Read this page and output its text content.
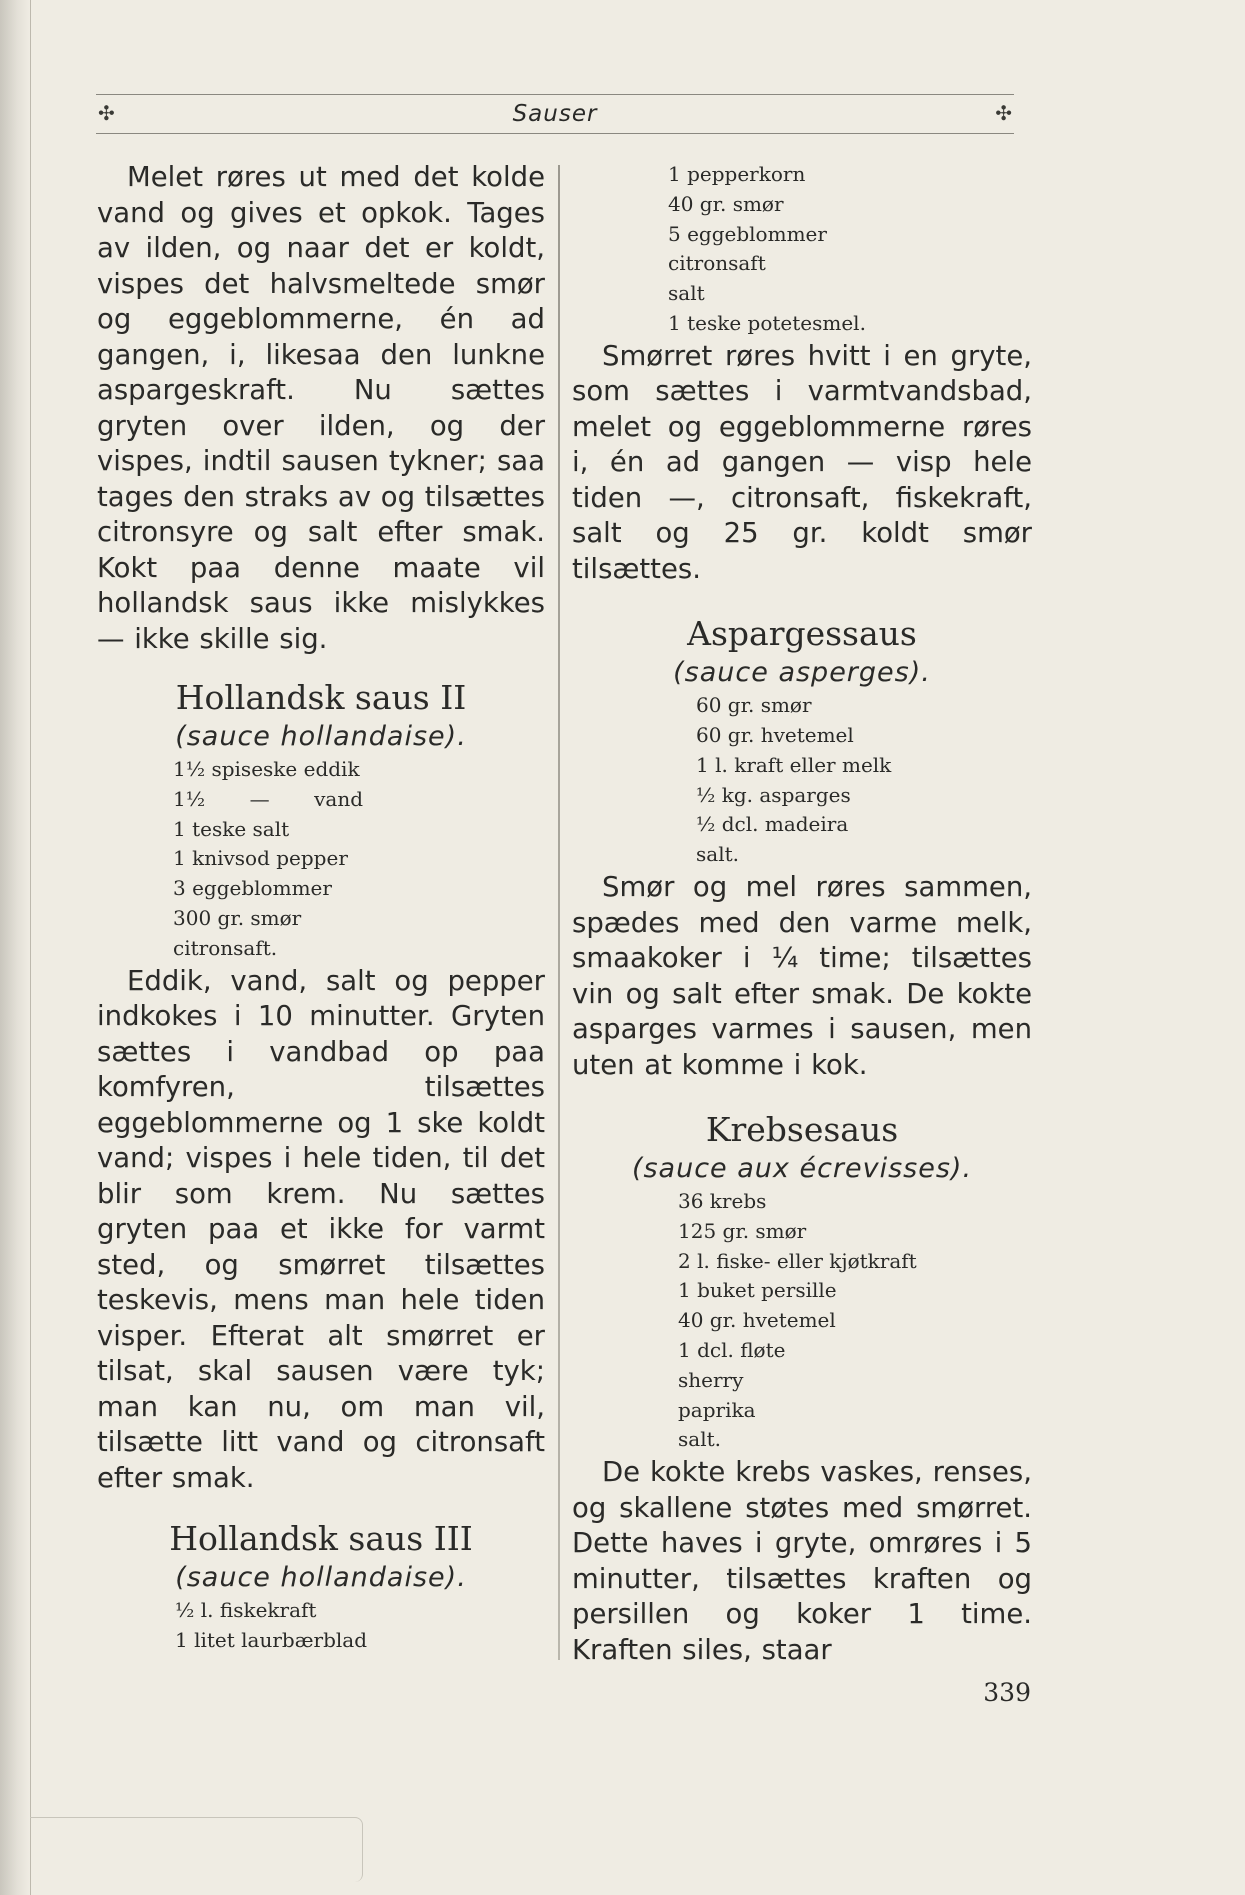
✣	Sauser	✣

Melet røres ut med det kolde vand og gives et opkok. Tages av ilden, og naar det er koldt, vispes det halvsmeltede smør og eggeblommerne, én ad gangen, i, likesaa den lunkne aspargeskraft. Nu sættes gryten over ilden, og der vispes, indtil sausen tykner; saa tages den straks av og tilsættes citronsyre og salt efter smak. Kokt paa denne maate vil hollandsk saus ikke mislykkes — ikke skille sig.

Hollandsk saus II

(sauce hollandaise).

1½ spiseske eddik
1½       —       vand
1 teske salt
1 knivsod pepper
3 eggeblommer
300 gr. smør
citronsaft.

Eddik, vand, salt og pepper indkokes i 10 minutter. Gryten sættes i vandbad op paa komfyren, tilsættes eggeblommerne og 1 ske koldt vand; vispes i hele tiden, til det blir som krem. Nu sættes gryten paa et ikke for varmt sted, og smørret tilsættes teskevis, mens man hele tiden visper. Efterat alt smørret er tilsat, skal sausen være tyk; man kan nu, om man vil, tilsætte litt vand og citronsaft efter smak.

Hollandsk saus III

(sauce hollandaise).

½ l. fiskekraft
1 litet laurbærblad
1 pepperkorn
40 gr. smør
5 eggeblommer
citronsaft
salt
1 teske potetesmel.

Smørret røres hvitt i en gryte, som sættes i varmtvandsbad, melet og eggeblommerne røres i, én ad gangen — visp hele tiden —, citronsaft, fiskekraft, salt og 25 gr. koldt smør tilsættes.

Aspargessaus

(sauce asperges).

60 gr. smør
60 gr. hvetemel
1 l. kraft eller melk
½ kg. asparges
½ dcl. madeira
salt.

Smør og mel røres sammen, spædes med den varme melk, smaakoker i ¼ time; tilsættes vin og salt efter smak. De kokte asparges varmes i sausen, men uten at komme i kok.

Krebsesaus

(sauce aux écrevisses).

36 krebs
125 gr. smør
2 l. fiske- eller kjøtkraft
1 buket persille
40 gr. hvetemel
1 dcl. fløte
sherry
paprika
salt.

De kokte krebs vaskes, renses, og skallene støtes med smørret. Dette haves i gryte, omrøres i 5 minutter, tilsættes kraften og persillen og koker 1 time. Kraften siles, staar

339
